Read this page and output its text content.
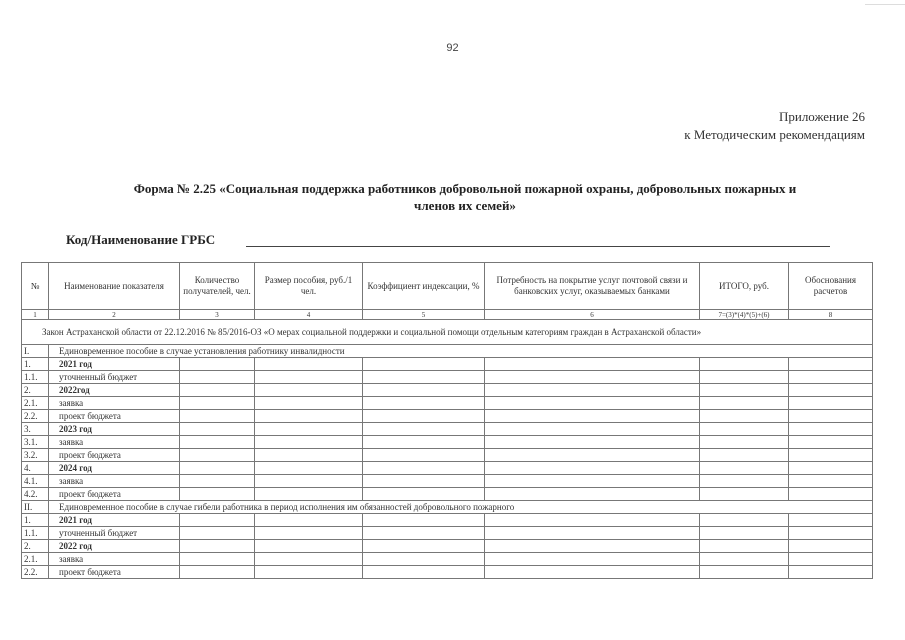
92
Приложение 26
к Методическим рекомендациям
Форма № 2.25 «Социальная поддержка работников добровольной пожарной охраны, добровольных пожарных и членов их семей»
Код/Наименование ГРБС
№	Наименование показателя	Количество получателей, чел.	Размер пособия, руб./1 чел.	Коэффициент индексации, %	Потребность на покрытие услуг почтовой связи и банковских услуг, оказываемых банками	ИТОГО, руб.	Обоснования расчетов
1	2	3	4	5	6	7=(3)*(4)*(5)+(6)	8
Закон Астраханской области от 22.12.2016 № 85/2016-ОЗ «О мерах социальной поддержки и социальной помощи отдельным категориям граждан в Астраханской области»							
I.	Единовременное пособие в случае установления работнику инвалидности						
1.	2021 год						
1.1.	уточненный бюджет						
2.	2022год						
2.1.	заявка						
2.2.	проект бюджета						
3.	2023 год						
3.1.	заявка						
3.2.	проект бюджета						
4.	2024 год						
4.1.	заявка						
4.2.	проект бюджета						
II.	Единовременное пособие в случае гибели работника в период исполнения им обязанностей добровольного пожарного						
1.	2021 год						
1.1.	уточненный бюджет						
2.	2022 год						
2.1.	заявка						
2.2.	проект бюджета						
